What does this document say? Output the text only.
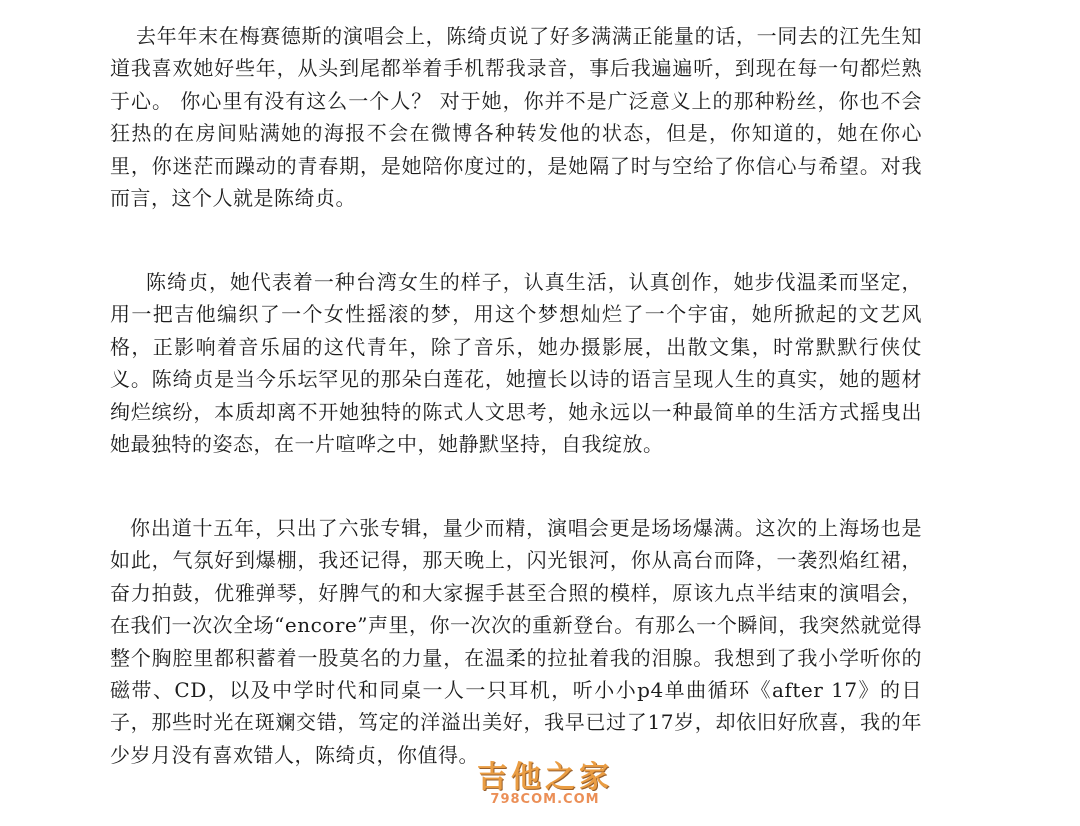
去年年末在梅赛德斯的演唱会上，陈绮贞说了好多满满正能量的话，一同去的江先生知道我喜欢她好些年，从头到尾都举着手机帮我录音，事后我遍遍听，到现在每一句都烂熟于心。 你心里有没有这么一个人？ 对于她，你并不是广泛意义上的那种粉丝，你也不会狂热的在房间贴满她的海报不会在微博各种转发他的状态，但是，你知道的，她在你心里，你迷茫而躁动的青春期，是她陪你度过的，是她隔了时与空给了你信心与希望。对我而言，这个人就是陈绮贞。

陈绮贞，她代表着一种台湾女生的样子，认真生活，认真创作，她步伐温柔而坚定，用一把吉他编织了一个女性摇滚的梦，用这个梦想灿烂了一个宇宙，她所掀起的文艺风格，正影响着音乐届的这代青年，除了音乐，她办摄影展，出散文集，时常默默行侠仗义。陈绮贞是当今乐坛罕见的那朵白莲花，她擅长以诗的语言呈现人生的真实，她的题材绚烂缤纷，本质却离不开她独特的陈式人文思考，她永远以一种最简单的生活方式摇曳出她最独特的姿态，在一片喧哗之中，她静默坚持，自我绽放。

你出道十五年，只出了六张专辑，量少而精，演唱会更是场场爆满。这次的上海场也是如此，气氛好到爆棚，我还记得，那天晚上，闪光银河，你从高台而降，一袭烈焰红裙，奋力拍鼓，优雅弹琴，好脾气的和大家握手甚至合照的模样，原该九点半结束的演唱会，在我们一次次全场“encore”声里，你一次次的重新登台。有那么一个瞬间，我突然就觉得整个胸腔里都积蓄着一股莫名的力量，在温柔的拉扯着我的泪腺。我想到了我小学听你的磁带、CD，以及中学时代和同桌一人一只耳机，听小小p4单曲循环《after 17》的日子，那些时光在斑斓交错，笃定的洋溢出美好，我早已过了17岁，却依旧好欣喜，我的年少岁月没有喜欢错人，陈绮贞，你值得。

吉他之家
798COM.COM
